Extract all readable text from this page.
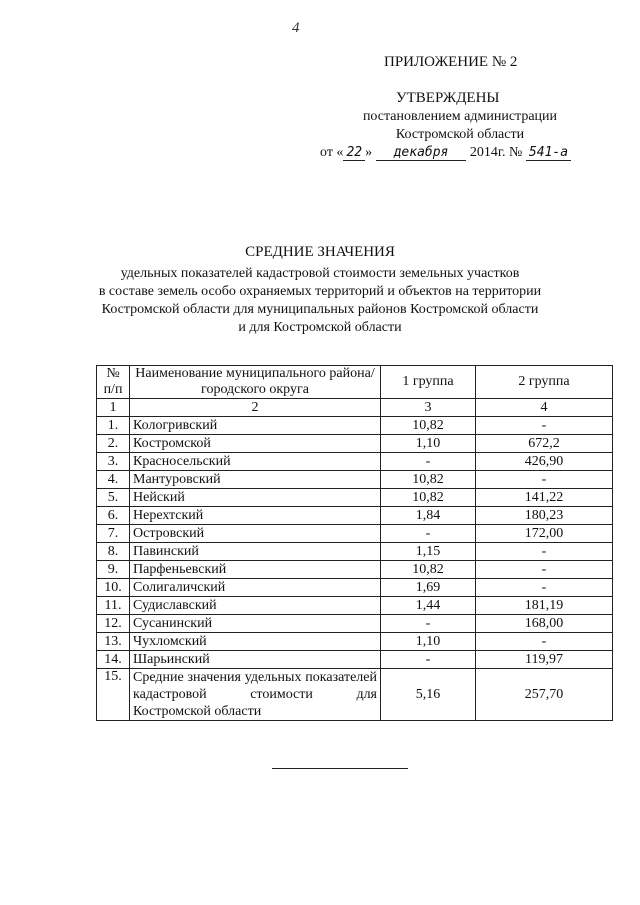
4
ПРИЛОЖЕНИЕ № 2
УТВЕРЖДЕНЫ
постановлением администрации
Костромской области
от « 22 » декабря 2014г. № 541-а
СРЕДНИЕ ЗНАЧЕНИЯ
удельных показателей кадастровой стоимости земельных участков
в составе земель особо охраняемых территорий и объектов на территории
Костромской области для муниципальных районов Костромской области
и для Костромской области
№ п/п	Наименование муниципального района/городского округа	1 группа	2 группа
1	2	3	4
1.	Кологривский	10,82	-
2.	Костромской	1,10	672,2
3.	Красносельский	-	426,90
4.	Мантуровский	10,82	-
5.	Нейский	10,82	141,22
6.	Нерехтский	1,84	180,23
7.	Островский	-	172,00
8.	Павинский	1,15	-
9.	Парфеньевский	10,82	-
10.	Солигаличский	1,69	-
11.	Судиславский	1,44	181,19
12.	Сусанинский	-	168,00
13.	Чухломский	1,10	-
14.	Шарьинский	-	119,97
15.	Средние значения удельных показателей кадастровой стоимости для Костромской области	5,16	257,70
